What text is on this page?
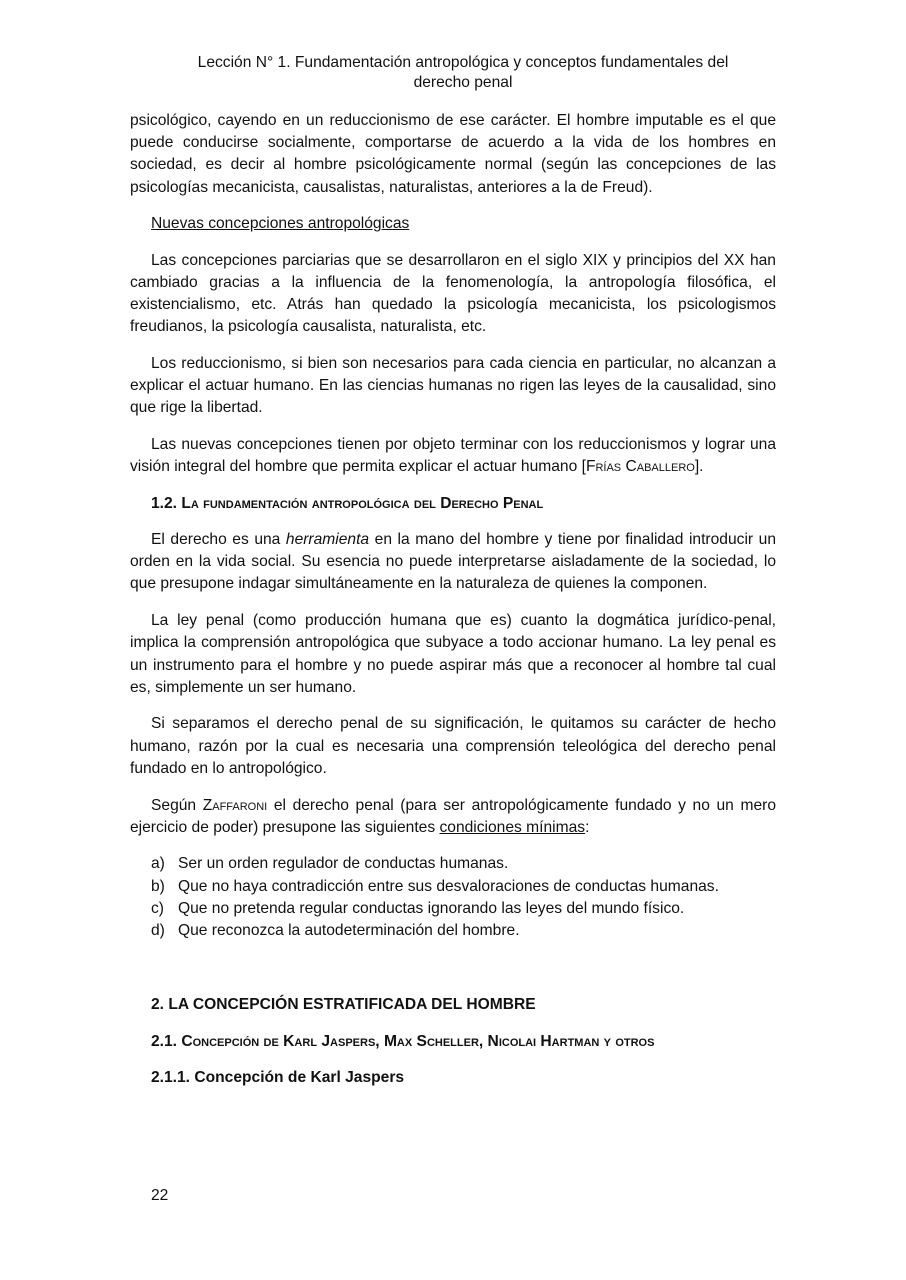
Lección N° 1. Fundamentación antropológica y conceptos fundamentales del
derecho penal

psicológico, cayendo en un reduccionismo de ese carácter. El hombre imputable es el que puede conducirse socialmente, comportarse de acuerdo a la vida de los hombres en sociedad, es decir al hombre psicológicamente normal (según las concepciones de las psicologías mecanicista, causalistas, naturalistas, anteriores a la de Freud).

Nuevas concepciones antropológicas

Las concepciones parciarias que se desarrollaron en el siglo XIX y principios del XX han cambiado gracias a la influencia de la fenomenología, la antropología filosófica, el existencialismo, etc. Atrás han quedado la psicología mecanicista, los psicologismos freudianos, la psicología causalista, naturalista, etc.

Los reduccionismo, si bien son necesarios para cada ciencia en particular, no alcanzan a explicar el actuar humano. En las ciencias humanas no rigen las leyes de la causalidad, sino que rige la libertad.

Las nuevas concepciones tienen por objeto terminar con los reduccionismos y lograr una visión integral del hombre que permita explicar el actuar humano [Frías Caballero].

1.2. La fundamentación antropológica del Derecho Penal

El derecho es una herramienta en la mano del hombre y tiene por finalidad introducir un orden en la vida social. Su esencia no puede interpretarse aisladamente de la sociedad, lo que presupone indagar simultáneamente en la naturaleza de quienes la componen.

La ley penal (como producción humana que es) cuanto la dogmática jurídico-penal, implica la comprensión antropológica que subyace a todo accionar humano. La ley penal es un instrumento para el hombre y no puede aspirar más que a reconocer al hombre tal cual es, simplemente un ser humano.

Si separamos el derecho penal de su significación, le quitamos su carácter de hecho humano, razón por la cual es necesaria una comprensión teleológica del derecho penal fundado en lo antropológico.

Según Zaffaroni el derecho penal (para ser antropológicamente fundado y no un mero ejercicio de poder) presupone las siguientes condiciones mínimas:

a) Ser un orden regulador de conductas humanas.
b) Que no haya contradicción entre sus desvaloraciones de conductas humanas.
c) Que no pretenda regular conductas ignorando las leyes del mundo físico.
d) Que reconozca la autodeterminación del hombre.
2. LA CONCEPCIÓN ESTRATIFICADA DEL HOMBRE
2.1. Concepción de Karl Jaspers, Max Scheller, Nicolai Hartman y otros
2.1.1. Concepción de Karl Jaspers
22
